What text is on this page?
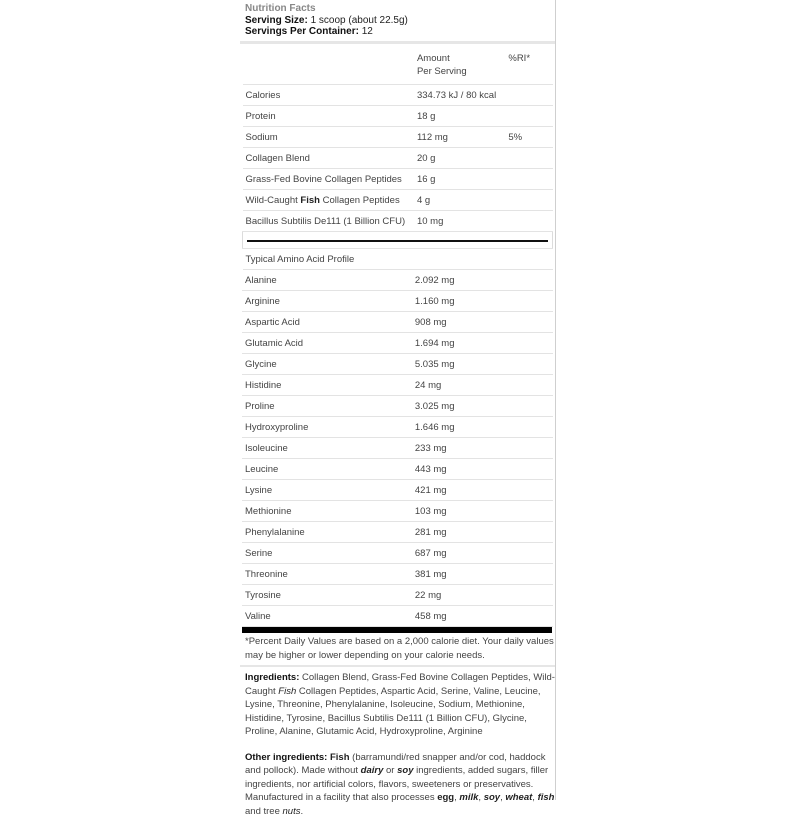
Nutrition Facts
Serving Size: 1 scoop (about 22.5g)
Servings Per Container: 12
	Amount
Per Serving	%RI*
Calories	334.73 kJ / 80 kcal	
Protein	18 g	
Sodium	112 mg	5%
Collagen Blend	20 g	
Grass-Fed Bovine Collagen Peptides	16 g	
Wild-Caught Fish Collagen Peptides	4 g	
Bacillus Subtilis De111 (1 Billion CFU)	10 mg	

Typical Amino Acid Profile		
Alanine	2.092 mg	
Arginine	1.160 mg	
Aspartic Acid	908 mg	
Glutamic Acid	1.694 mg	
Glycine	5.035 mg	
Histidine	24 mg	
Proline	3.025 mg	
Hydroxyproline	1.646 mg	
Isoleucine	233 mg	
Leucine	443 mg	
Lysine	421 mg	
Methionine	103 mg	
Phenylalanine	281 mg	
Serine	687 mg	
Threonine	381 mg	
Tyrosine	22 mg	
Valine	458 mg	
*Percent Daily Values are based on a 2,000 calorie diet. Your daily values may be higher or lower depending on your calorie needs.
Ingredients: Collagen Blend, Grass-Fed Bovine Collagen Peptides, Wild-Caught Fish Collagen Peptides, Aspartic Acid, Serine, Valine, Leucine, Lysine, Threonine, Phenylalanine, Isoleucine, Sodium, Methionine, Histidine, Tyrosine, Bacillus Subtilis De111 (1 Billion CFU), Glycine, Proline, Alanine, Glutamic Acid, Hydroxyproline, Arginine
Other ingredients: Fish (barramundi/red snapper and/or cod, haddock and pollock). Made without dairy or soy ingredients, added sugars, filler ingredients, nor artificial colors, flavors, sweeteners or preservatives. Manufactured in a facility that also processes egg, milk, soy, wheat, fish and tree nuts.
